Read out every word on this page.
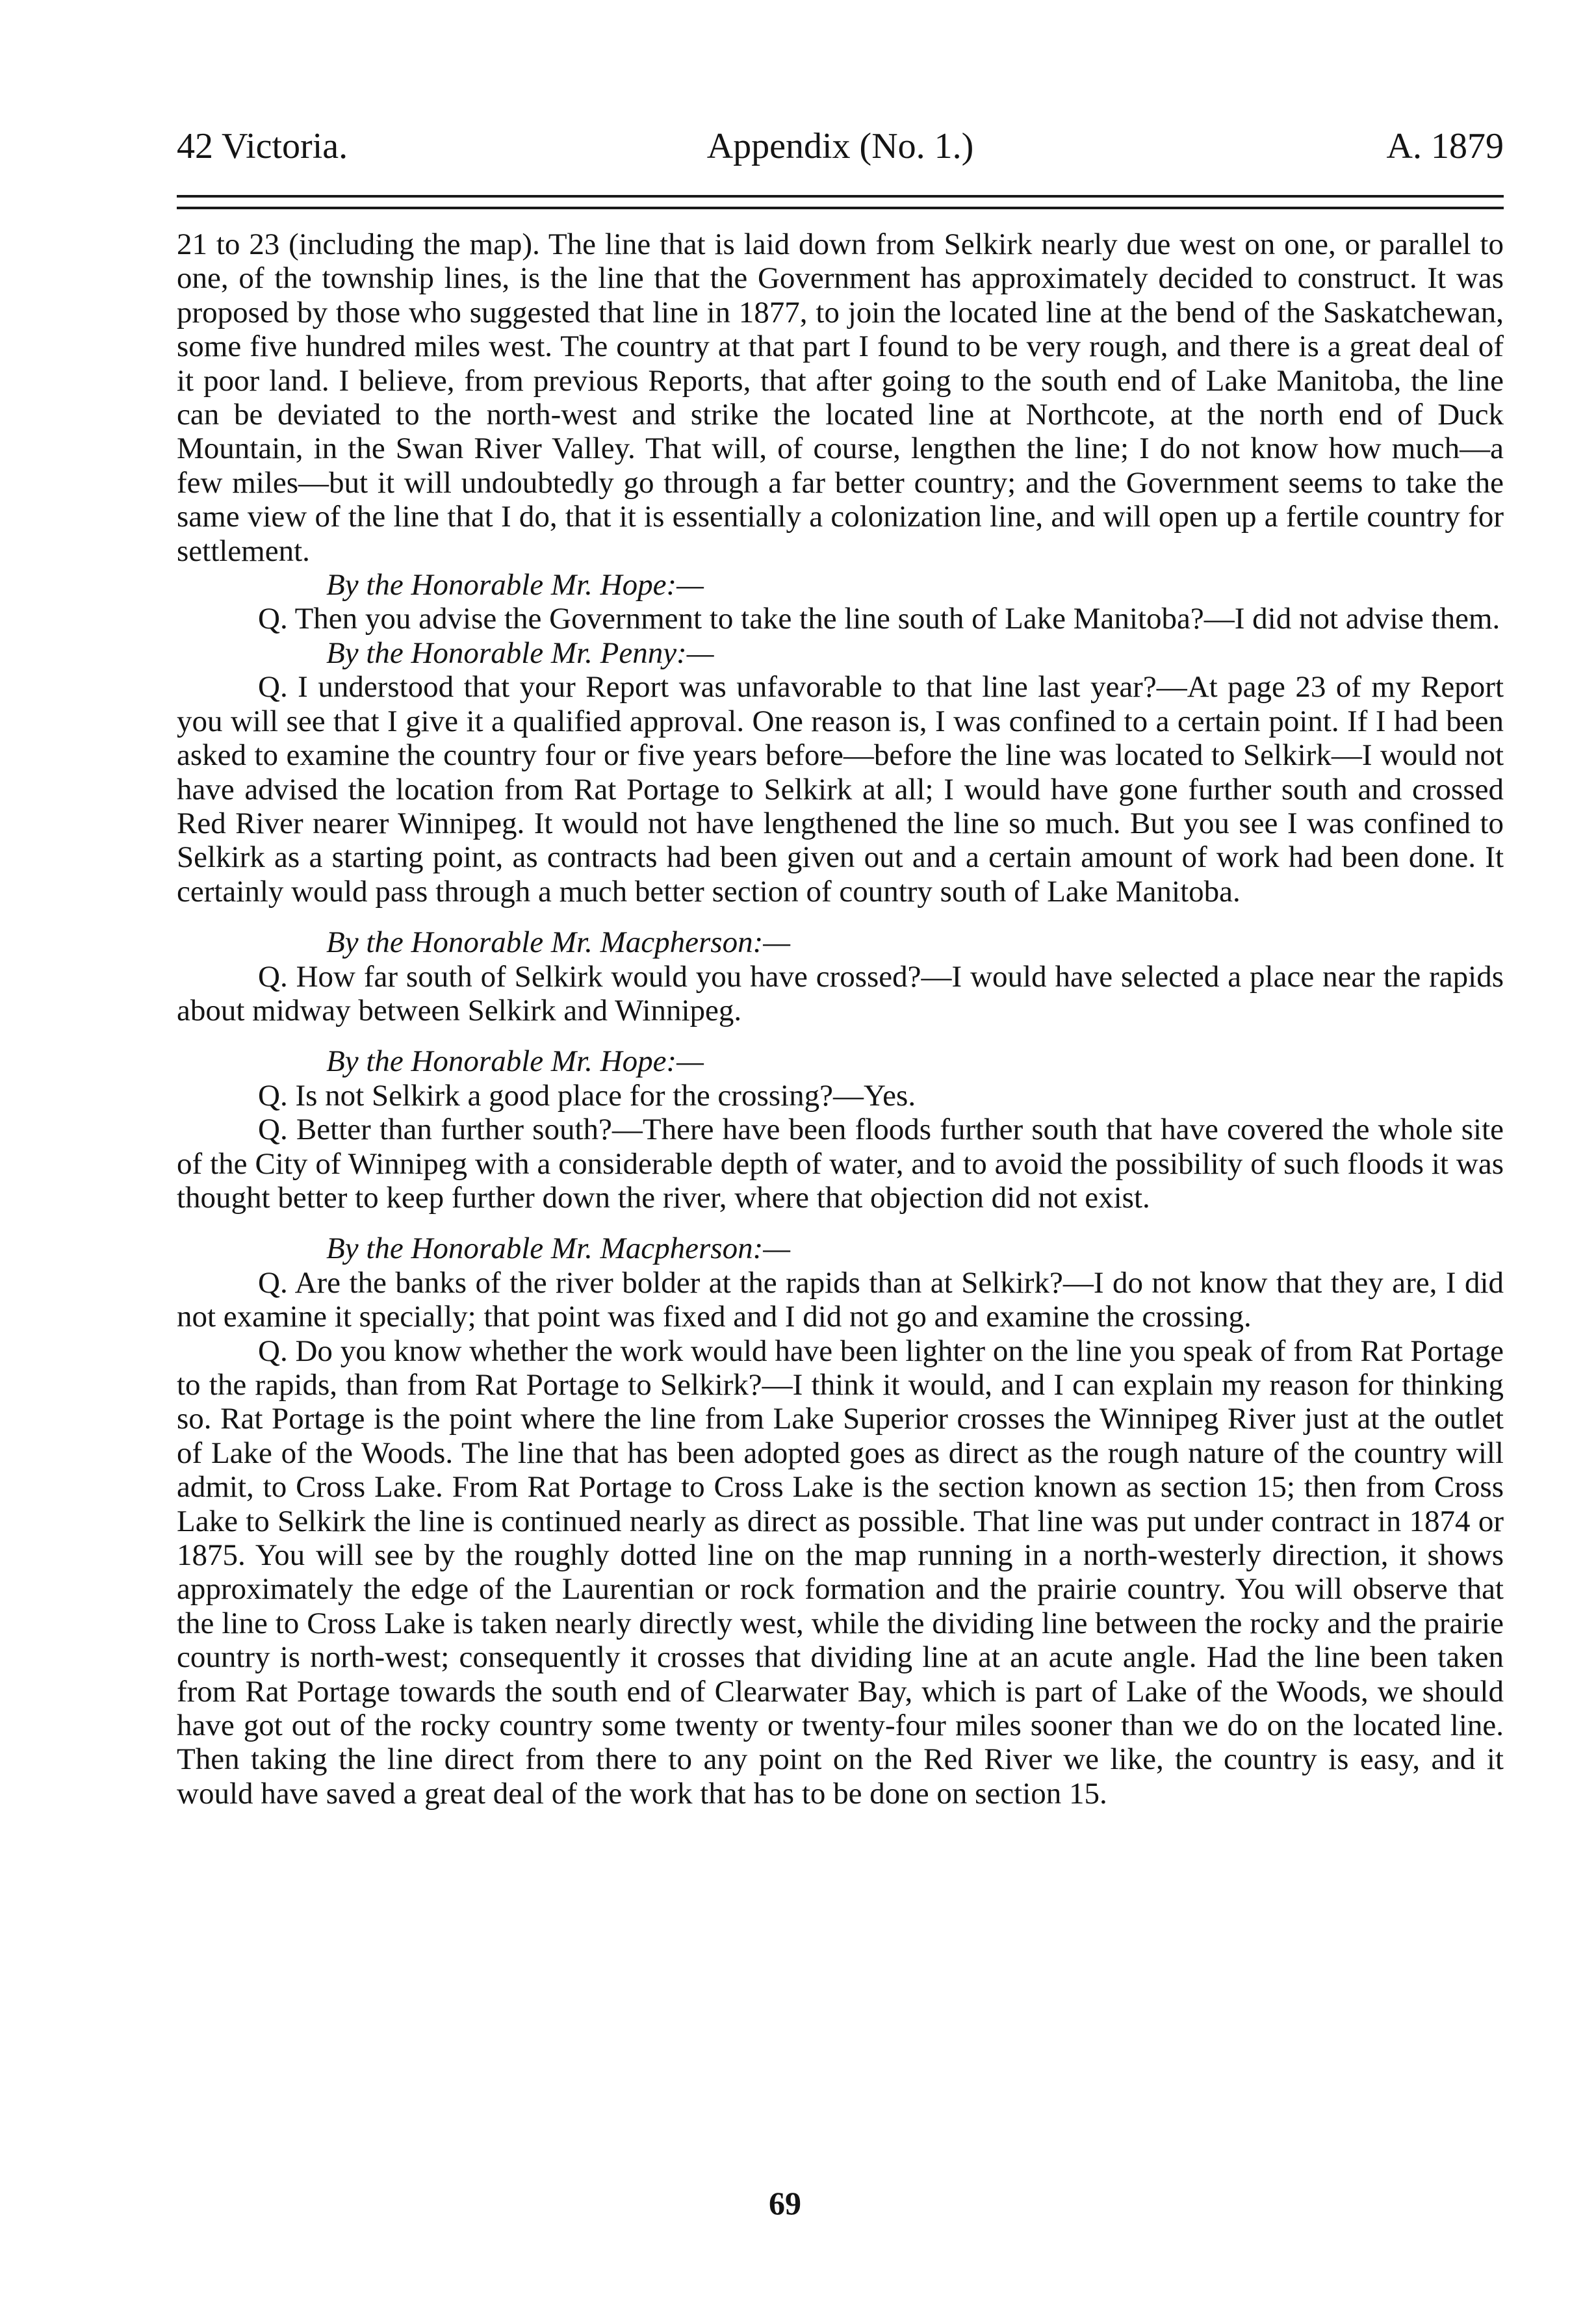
42 Victoria.	Appendix (No. 1.)	A. 1879

21 to 23 (including the map). The line that is laid down from Selkirk nearly due west on one, or parallel to one, of the township lines, is the line that the Government has approximately decided to construct. It was proposed by those who suggested that line in 1877, to join the located line at the bend of the Saskatchewan, some five hundred miles west. The country at that part I found to be very rough, and there is a great deal of it poor land. I believe, from previous Reports, that after going to the south end of Lake Manitoba, the line can be deviated to the north-west and strike the located line at Northcote, at the north end of Duck Mountain, in the Swan River Valley. That will, of course, lengthen the line; I do not know how much—a few miles—but it will undoubtedly go through a far better country; and the Government seems to take the same view of the line that I do, that it is essentially a colonization line, and will open up a fertile country for settlement.

By the Honorable Mr. Hope:—

Q. Then you advise the Government to take the line south of Lake Manitoba?—I did not advise them.

By the Honorable Mr. Penny:—

Q. I understood that your Report was unfavorable to that line last year?—At page 23 of my Report you will see that I give it a qualified approval. One reason is, I was confined to a certain point. If I had been asked to examine the country four or five years before—before the line was located to Selkirk—I would not have advised the location from Rat Portage to Selkirk at all; I would have gone further south and crossed Red River nearer Winnipeg. It would not have lengthened the line so much. But you see I was confined to Selkirk as a starting point, as contracts had been given out and a certain amount of work had been done. It certainly would pass through a much better section of country south of Lake Manitoba.

By the Honorable Mr. Macpherson:—

Q. How far south of Selkirk would you have crossed?—I would have selected a place near the rapids about midway between Selkirk and Winnipeg.

By the Honorable Mr. Hope:—

Q. Is not Selkirk a good place for the crossing?—Yes.

Q. Better than further south?—There have been floods further south that have covered the whole site of the City of Winnipeg with a considerable depth of water, and to avoid the possibility of such floods it was thought better to keep further down the river, where that objection did not exist.

By the Honorable Mr. Macpherson:—

Q. Are the banks of the river bolder at the rapids than at Selkirk?—I do not know that they are, I did not examine it specially; that point was fixed and I did not go and examine the crossing.

Q. Do you know whether the work would have been lighter on the line you speak of from Rat Portage to the rapids, than from Rat Portage to Selkirk?—I think it would, and I can explain my reason for thinking so. Rat Portage is the point where the line from Lake Superior crosses the Winnipeg River just at the outlet of Lake of the Woods. The line that has been adopted goes as direct as the rough nature of the country will admit, to Cross Lake. From Rat Portage to Cross Lake is the section known as section 15; then from Cross Lake to Selkirk the line is continued nearly as direct as possible. That line was put under contract in 1874 or 1875. You will see by the roughly dotted line on the map running in a north-westerly direction, it shows approximately the edge of the Laurentian or rock formation and the prairie country. You will observe that the line to Cross Lake is taken nearly directly west, while the dividing line between the rocky and the prairie country is north-west; consequently it crosses that dividing line at an acute angle. Had the line been taken from Rat Portage towards the south end of Clearwater Bay, which is part of Lake of the Woods, we should have got out of the rocky country some twenty or twenty-four miles sooner than we do on the located line. Then taking the line direct from there to any point on the Red River we like, the country is easy, and it would have saved a great deal of the work that has to be done on section 15.

69
